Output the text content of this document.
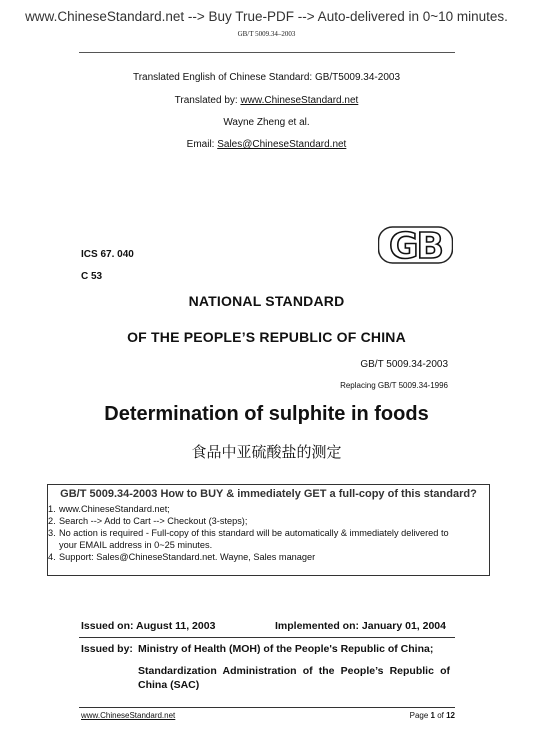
www.ChineseStandard.net --> Buy True-PDF --> Auto-delivered in 0~10 minutes.
GB/T 5009.34–2003
Translated English of Chinese Standard: GB/T5009.34-2003
Translated by: www.ChineseStandard.net
Wayne Zheng et al.
Email: Sales@ChineseStandard.net
ICS 67. 040
C 53
GB
NATIONAL STANDARD
OF THE PEOPLE’S REPUBLIC OF CHINA
GB/T 5009.34-2003
Replacing GB/T 5009.34-1996
Determination of sulphite in foods
食品中亚硫酸盐的测定
GB/T 5009.34-2003 How to BUY & immediately GET a full-copy of this standard?
1. www.ChineseStandard.net;
2. Search --> Add to Cart --> Checkout (3-steps);
3. No action is required - Full-copy of this standard will be automatically & immediately delivered to
your EMAIL address in 0~25 minutes.
4. Support: Sales@ChineseStandard.net. Wayne, Sales manager
Issued on: August 11, 2003	Implemented on: January 01, 2004
Issued by: Ministry of Health (MOH) of the People's Republic of China;
Standardization Administration of the People’s Republic of China (SAC)
www.ChineseStandard.net	Page 1 of 12
